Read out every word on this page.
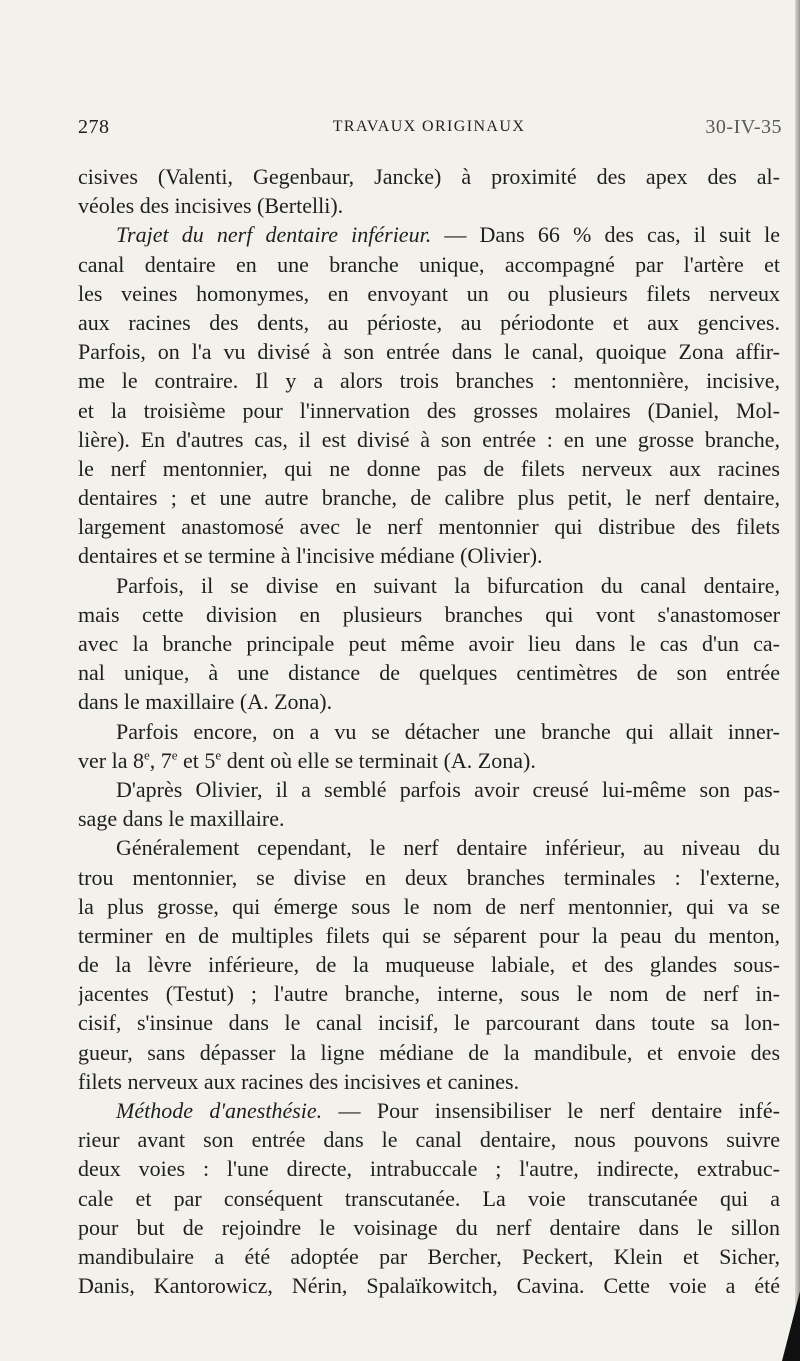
278	TRAVAUX ORIGINAUX	30-IV-35
cisives (Valenti, Gegenbaur, Jancke) à proximité des apex des al-
véoles des incisives (Bertelli).
Trajet du nerf dentaire inférieur. — Dans 66 % des cas, il suit le
canal dentaire en une branche unique, accompagné par l'artère et
les veines homonymes, en envoyant un ou plusieurs filets nerveux
aux racines des dents, au périoste, au périodonte et aux gencives.
Parfois, on l'a vu divisé à son entrée dans le canal, quoique Zona affir-
me le contraire. Il y a alors trois branches : mentonnière, incisive,
et la troisième pour l'innervation des grosses molaires (Daniel, Mol-
lière). En d'autres cas, il est divisé à son entrée : en une grosse branche,
le nerf mentonnier, qui ne donne pas de filets nerveux aux racines
dentaires ; et une autre branche, de calibre plus petit, le nerf dentaire,
largement anastomosé avec le nerf mentonnier qui distribue des filets
dentaires et se termine à l'incisive médiane (Olivier).
Parfois, il se divise en suivant la bifurcation du canal dentaire,
mais cette division en plusieurs branches qui vont s'anastomoser
avec la branche principale peut même avoir lieu dans le cas d'un ca-
nal unique, à une distance de quelques centimètres de son entrée
dans le maxillaire (A. Zona).
Parfois encore, on a vu se détacher une branche qui allait inner-
ver la 8e, 7e et 5e dent où elle se terminait (A. Zona).
D'après Olivier, il a semblé parfois avoir creusé lui-même son pas-
sage dans le maxillaire.
Généralement cependant, le nerf dentaire inférieur, au niveau du
trou mentonnier, se divise en deux branches terminales : l'externe,
la plus grosse, qui émerge sous le nom de nerf mentonnier, qui va se
terminer en de multiples filets qui se séparent pour la peau du menton,
de la lèvre inférieure, de la muqueuse labiale, et des glandes sous-
jacentes (Testut) ; l'autre branche, interne, sous le nom de nerf in-
cisif, s'insinue dans le canal incisif, le parcourant dans toute sa lon-
gueur, sans dépasser la ligne médiane de la mandibule, et envoie des
filets nerveux aux racines des incisives et canines.
Méthode d'anesthésie. — Pour insensibiliser le nerf dentaire infé-
rieur avant son entrée dans le canal dentaire, nous pouvons suivre
deux voies : l'une directe, intrabuccale ; l'autre, indirecte, extrabuc-
cale et par conséquent transcutanée. La voie transcutanée qui a
pour but de rejoindre le voisinage du nerf dentaire dans le sillon
mandibulaire a été adoptée par Bercher, Peckert, Klein et Sicher,
Danis, Kantorowicz, Nérin, Spalaïkowitch, Cavina. Cette voie a été
